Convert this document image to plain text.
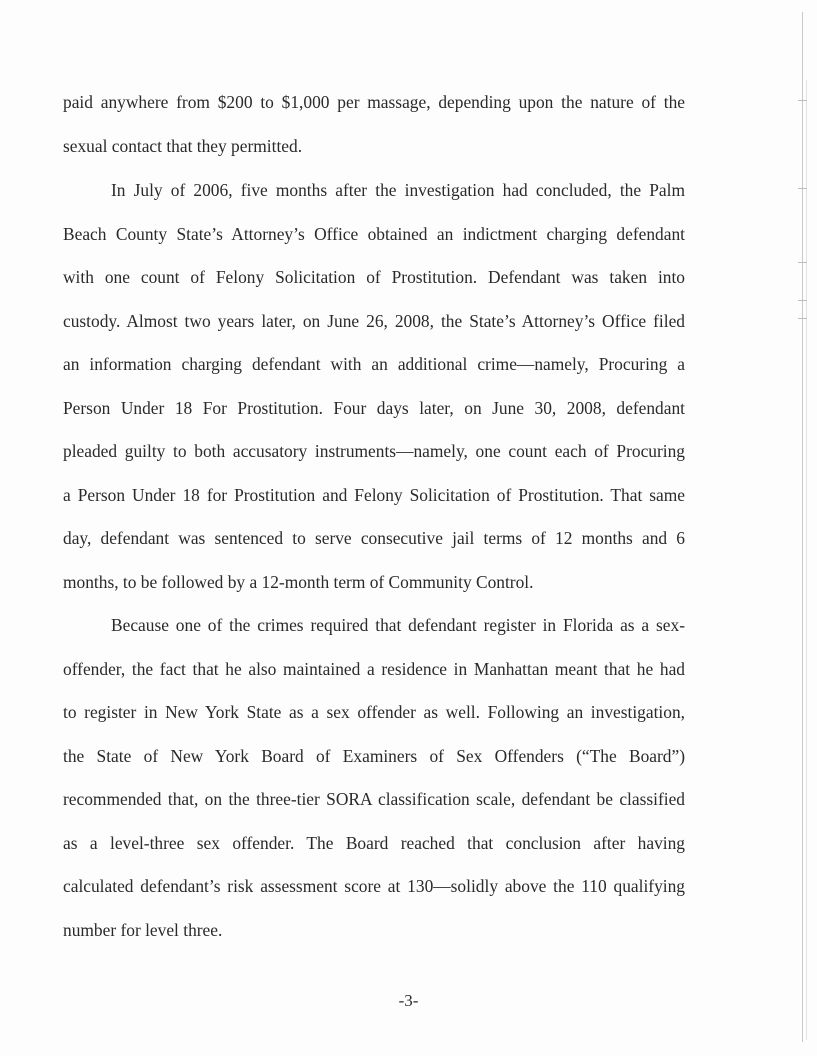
paid anywhere from $200 to $1,000 per massage, depending upon the nature of the

sexual contact that they permitted.

In July of 2006, five months after the investigation had concluded, the Palm

Beach County State’s Attorney’s Office obtained an indictment charging defendant

with one count of Felony Solicitation of Prostitution. Defendant was taken into

custody. Almost two years later, on June 26, 2008, the State’s Attorney’s Office filed

an information charging defendant with an additional crime—namely, Procuring a

Person Under 18 For Prostitution. Four days later, on June 30, 2008, defendant

pleaded guilty to both accusatory instruments—namely, one count each of Procuring

a Person Under 18 for Prostitution and Felony Solicitation of Prostitution. That same

day, defendant was sentenced to serve consecutive jail terms of 12 months and 6

months, to be followed by a 12-month term of Community Control.

Because one of the crimes required that defendant register in Florida as a sex-

offender, the fact that he also maintained a residence in Manhattan meant that he had

to register in New York State as a sex offender as well. Following an investigation,

the State of New York Board of Examiners of Sex Offenders (“The Board”)

recommended that, on the three-tier SORA classification scale, defendant be classified

as a level-three sex offender. The Board reached that conclusion after having

calculated defendant’s risk assessment score at 130—solidly above the 110 qualifying

number for level three.

-3-
